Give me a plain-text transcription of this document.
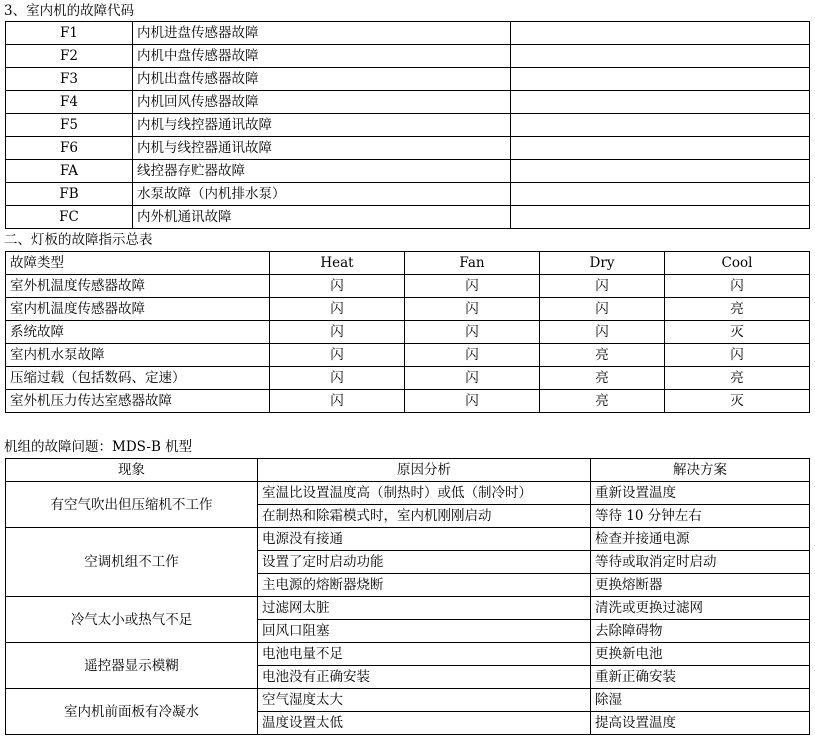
3、室内机的故障代码
F1	内机进盘传感器故障	
F2	内机中盘传感器故障	
F3	内机出盘传感器故障	
F4	内机回风传感器故障	
F5	内机与线控器通讯故障	
F6	内机与线控器通讯故障	
FA	线控器存贮器故障	
FB	水泵故障（内机排水泵）	
FC	内外机通讯故障	
二、灯板的故障指示总表
故障类型	Heat	Fan	Dry	Cool
室外机温度传感器故障	闪	闪	闪	闪
室内机温度传感器故障	闪	闪	闪	亮
系统故障	闪	闪	闪	灭
室内机水泵故障	闪	闪	亮	闪
压缩过载（包括数码、定速）	闪	闪	亮	亮
室外机压力传达室感器故障	闪	闪	亮	灭
机组的故障问题：MDS-B 机型
现象	原因分析	解决方案
有空气吹出但压缩机不工作	室温比设置温度高（制热时）或低（制冷时）	重新设置温度
	在制热和除霜模式时，室内机刚刚启动	等待 10 分钟左右
空调机组不工作	电源没有接通	检查并接通电源
	设置了定时启动功能	等待或取消定时启动
	主电源的熔断器烧断	更换熔断器
冷气太小或热气不足	过滤网太脏	清洗或更换过滤网
	回风口阻塞	去除障碍物
遥控器显示模糊	电池电量不足	更换新电池
	电池没有正确安装	重新正确安装
室内机前面板有冷凝水	空气湿度太大	除湿
	温度设置太低	提高设置温度
